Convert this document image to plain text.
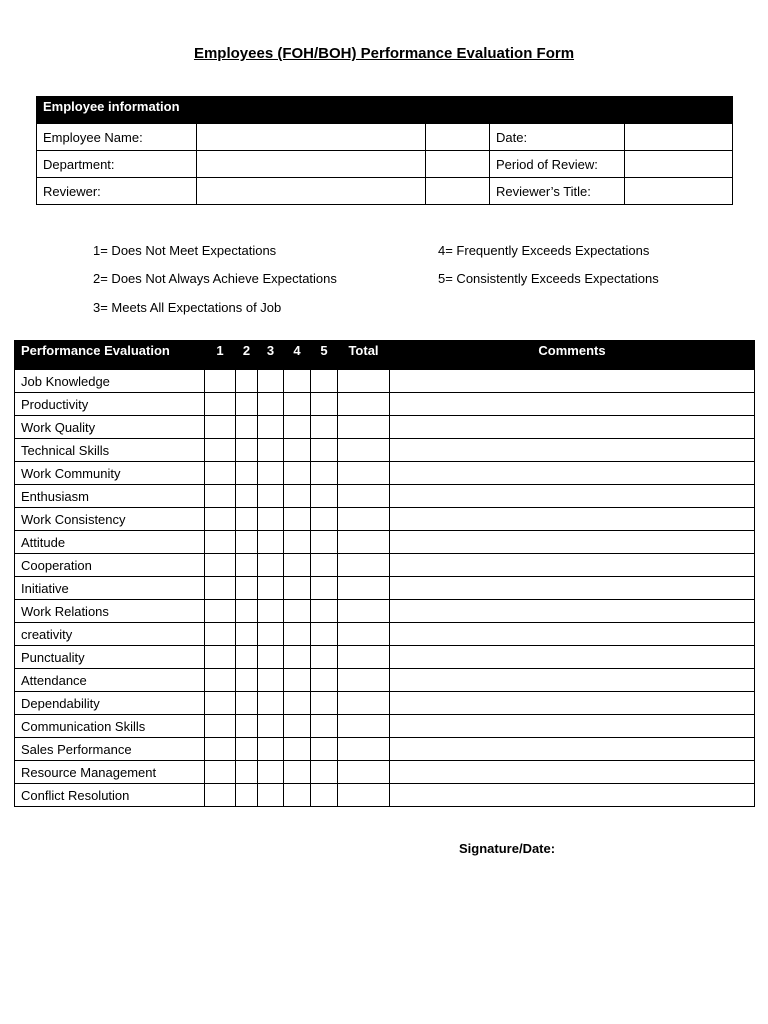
Employees (FOH/BOH) Performance Evaluation Form
Employee information				
Employee Name:			Date:	
Department:			Period of Review:	
Reviewer:			Reviewer’s Title:	
1= Does Not Meet Expectations
2= Does Not Always Achieve Expectations
3= Meets All Expectations of Job
4= Frequently Exceeds Expectations
5= Consistently Exceeds Expectations
Performance Evaluation	1	2	3	4	5	Total	Comments
Job Knowledge							
Productivity							
Work Quality							
Technical Skills							
Work Community							
Enthusiasm							
Work Consistency							
Attitude							
Cooperation							
Initiative							
Work Relations							
creativity							
Punctuality							
Attendance							
Dependability							
Communication Skills							
Sales Performance							
Resource Management							
Conflict Resolution							
Signature/Date:
